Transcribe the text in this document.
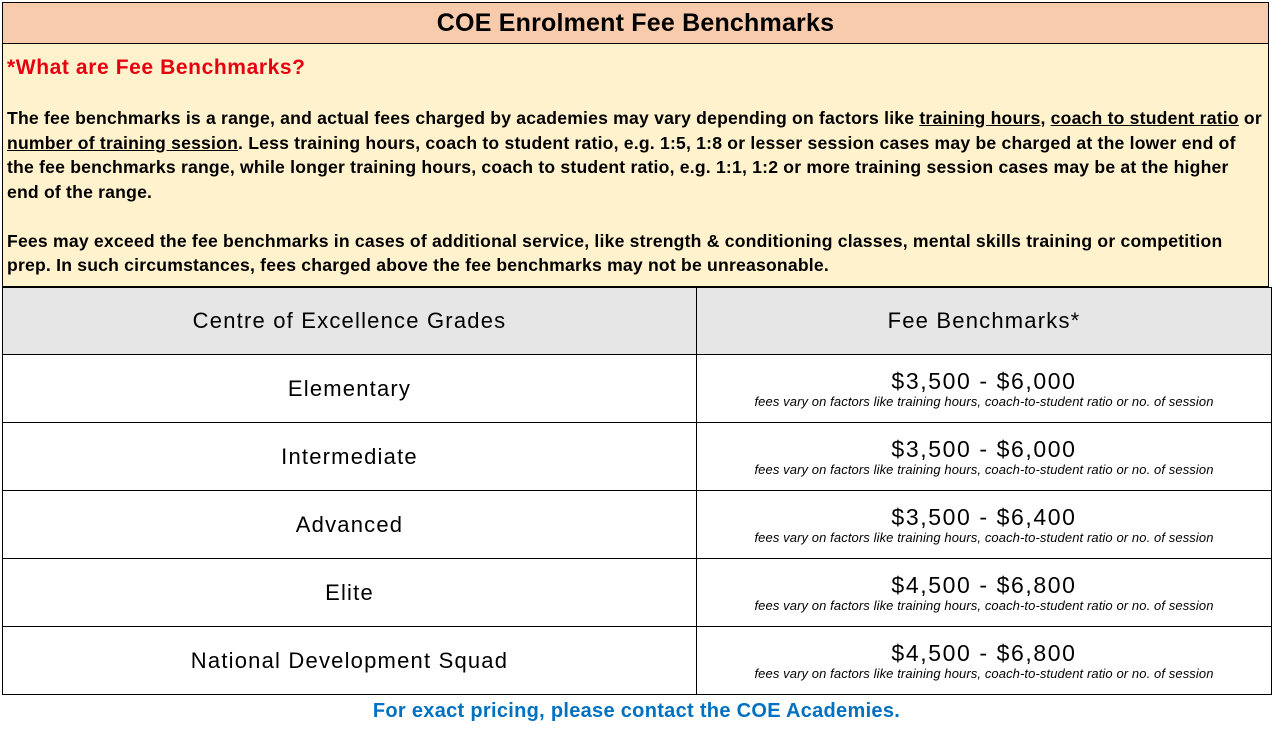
COE Enrolment Fee Benchmarks
*What are Fee Benchmarks?

The fee benchmarks is a range, and actual fees charged by academies may vary depending on factors like training hours, coach to student ratio or number of training session. Less training hours, coach to student ratio, e.g. 1:5, 1:8 or lesser session cases may be charged at the lower end of the fee benchmarks range, while longer training hours, coach to student ratio, e.g. 1:1, 1:2 or more training session cases may be at the higher end of the range.

Fees may exceed the fee benchmarks in cases of additional service, like strength & conditioning classes, mental skills training or competition prep. In such circumstances, fees charged above the fee benchmarks may not be unreasonable.

Centre of Excellence Grades	Fee Benchmarks*
Elementary	$3,500 - $6,000
fees vary on factors like training hours, coach-to-student ratio or no. of session

Intermediate	$3,500 - $6,000
fees vary on factors like training hours, coach-to-student ratio or no. of session

Advanced	$3,500 - $6,400
fees vary on factors like training hours, coach-to-student ratio or no. of session

Elite	$4,500 - $6,800
fees vary on factors like training hours, coach-to-student ratio or no. of session

National Development Squad	$4,500 - $6,800
fees vary on factors like training hours, coach-to-student ratio or no. of session
For exact pricing, please contact the COE Academies.
